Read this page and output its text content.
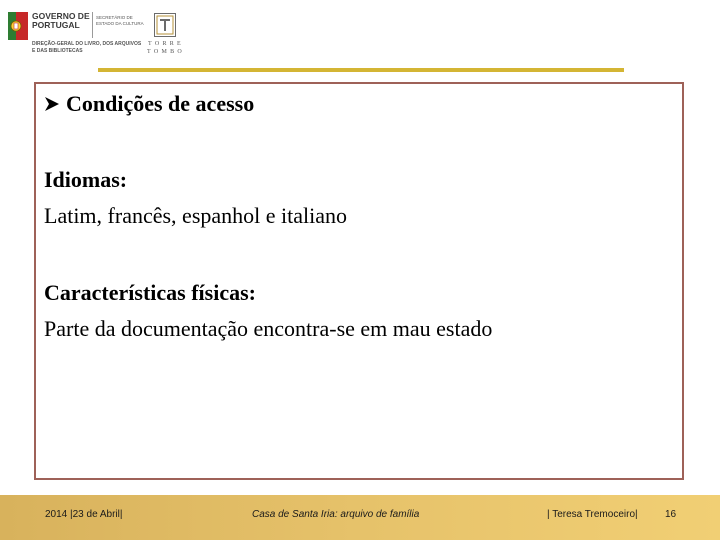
GOVERNO DE PORTUGAL
SECRETÁRIO DE ESTADO DA CULTURA
DIREÇÃO-GERAL DO LIVRO, DOS ARQUIVOS E DAS BIBLIOTECAS
TORRE TOMBO
Condições de acesso
Idiomas:
Latim, francês, espanhol e italiano
Características físicas:
Parte da documentação encontra-se em mau estado
2014 |23 de Abril|	Casa de Santa Iria: arquivo de família	| Teresa Tremoceiro|	16
